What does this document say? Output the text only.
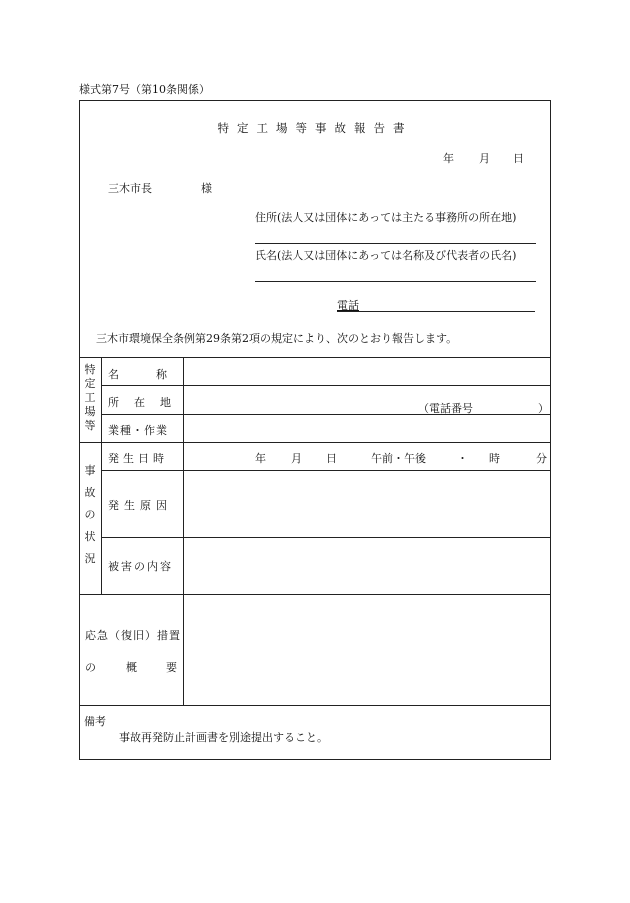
様式第7号（第10条関係）
特定工場等事故報告書
年 月 日
三木市長	様
住所(法人又は団体にあっては主たる事務所の所在地)
氏名(法人又は団体にあっては名称及び代表者の氏名)
電話
三木市環境保全条例第29条第2項の規定により、次のとおり報告します。
特
定
工
場
等
名　　　称
所　在　地	（電話番号	）
業種・作業
事
故
の
状
況
発生日時	年 月 日	午前・午後	・ 時	分
発生原因
被害の内容
応急（復旧）措置
の	概	要
備考
事故再発防止計画書を別途提出すること。
